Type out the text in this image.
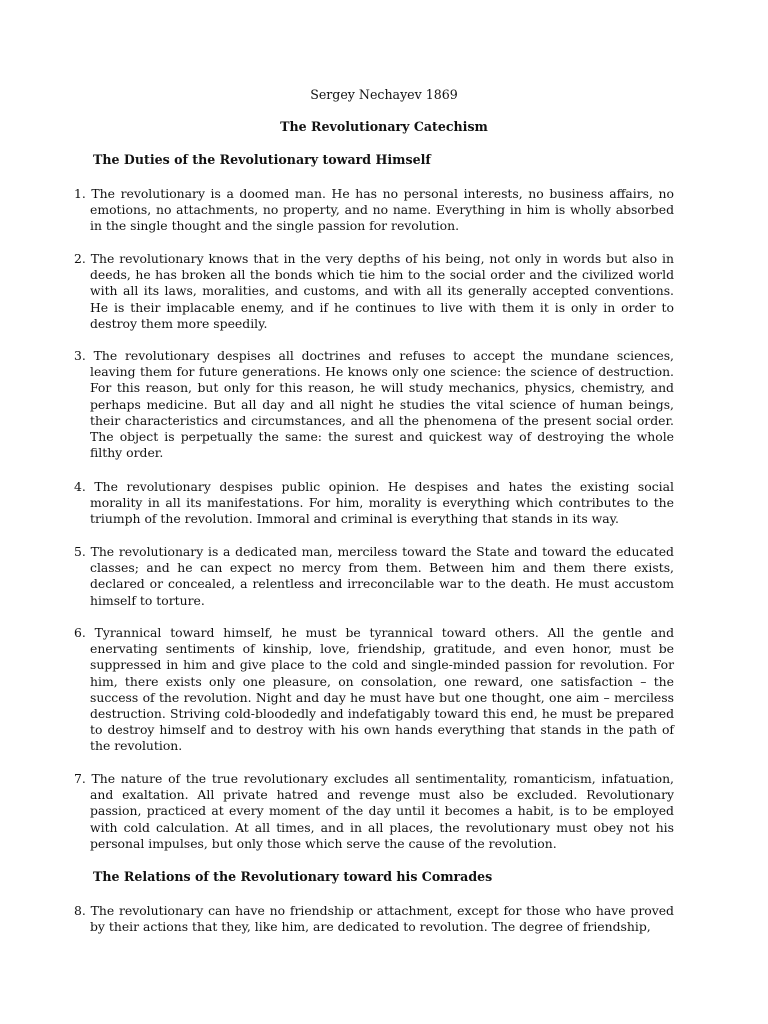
Sergey Nechayev 1869
The Revolutionary Catechism
The Duties of the Revolutionary toward Himself

1. The revolutionary is a doomed man. He has no personal interests, no business affairs, no emotions, no attachments, no property, and no name. Everything in him is wholly absorbed in the single thought and the single passion for revolution.

2. The revolutionary knows that in the very depths of his being, not only in words but also in deeds, he has broken all the bonds which tie him to the social order and the civilized world with all its laws, moralities, and customs, and with all its generally accepted conventions. He is their implacable enemy, and if he continues to live with them it is only in order to destroy them more speedily.

3. The revolutionary despises all doctrines and refuses to accept the mundane sciences, leaving them for future generations. He knows only one science: the science of destruction. For this reason, but only for this reason, he will study mechanics, physics, chemistry, and perhaps medicine. But all day and all night he studies the vital science of human beings, their characteristics and circumstances, and all the phenomena of the present social order. The object is perpetually the same: the surest and quickest way of destroying the whole filthy order.

4. The revolutionary despises public opinion. He despises and hates the existing social morality in all its manifestations. For him, morality is everything which contributes to the triumph of the revolution. Immoral and criminal is everything that stands in its way.

5. The revolutionary is a dedicated man, merciless toward the State and toward the educated classes; and he can expect no mercy from them. Between him and them there exists, declared or concealed, a relentless and irreconcilable war to the death. He must accustom himself to torture.

6. Tyrannical toward himself, he must be tyrannical toward others. All the gentle and enervating sentiments of kinship, love, friendship, gratitude, and even honor, must be suppressed in him and give place to the cold and single-minded passion for revolution. For him, there exists only one pleasure, on consolation, one reward, one satisfaction – the success of the revolution. Night and day he must have but one thought, one aim – merciless destruction. Striving cold-bloodedly and indefatigably toward this end, he must be prepared to destroy himself and to destroy with his own hands everything that stands in the path of the revolution.

7. The nature of the true revolutionary excludes all sentimentality, romanticism, infatuation, and exaltation. All private hatred and revenge must also be excluded. Revolutionary passion, practiced at every moment of the day until it becomes a habit, is to be employed with cold calculation. At all times, and in all places, the revolutionary must obey not his personal impulses, but only those which serve the cause of the revolution.

The Relations of the Revolutionary toward his Comrades

8. The revolutionary can have no friendship or attachment, except for those who have proved by their actions that they, like him, are dedicated to revolution. The degree of friendship,
